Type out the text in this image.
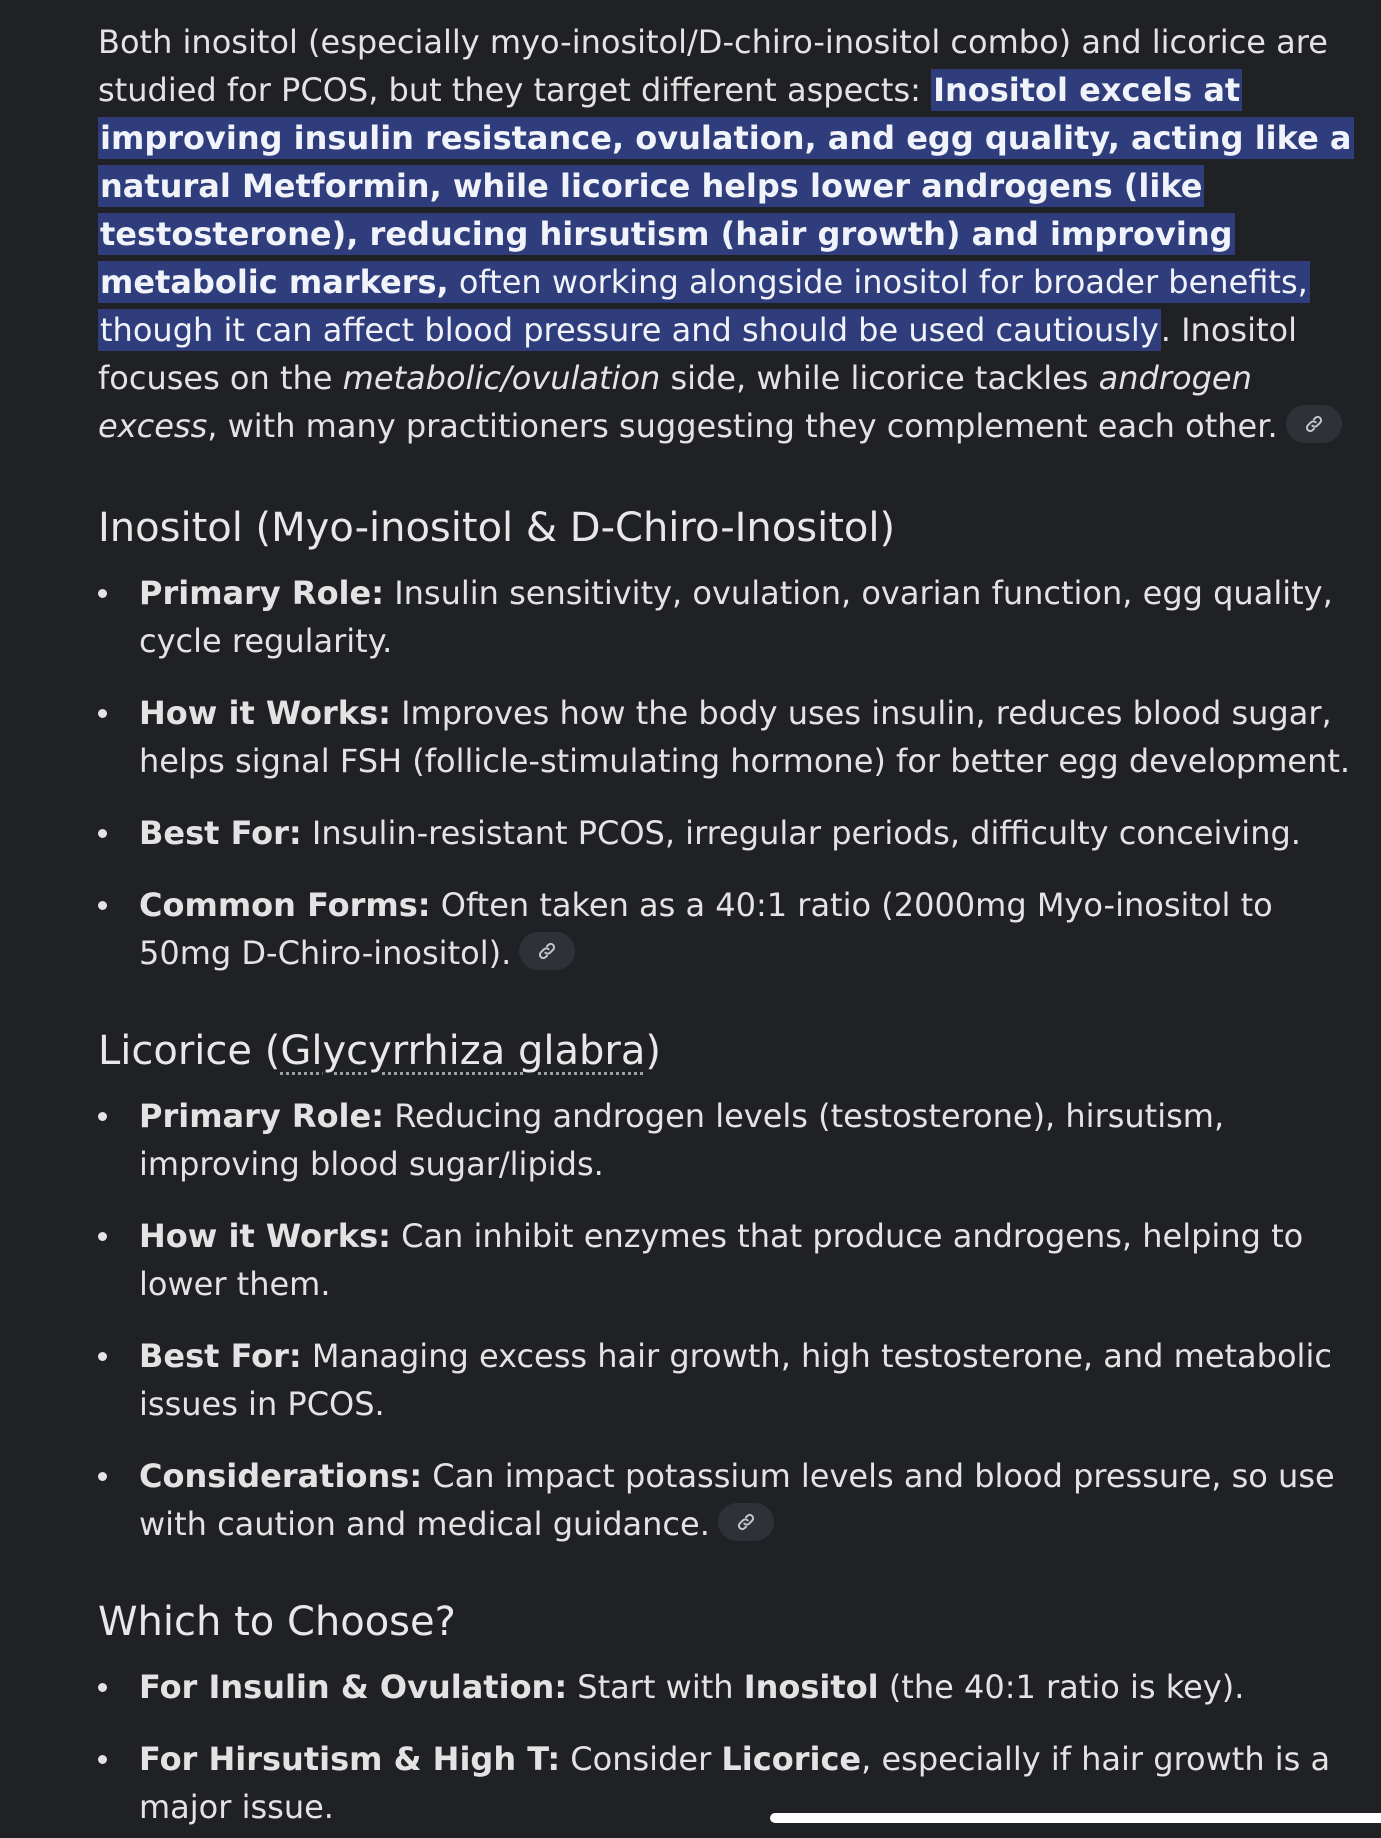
Both inositol (especially myo-inositol/D-chiro-inositol combo) and licorice are studied for PCOS, but they target different aspects: Inositol excels at improving insulin resistance, ovulation, and egg quality, acting like a natural Metformin, while licorice helps lower androgens (like testosterone), reducing hirsutism (hair growth) and improving metabolic markers, often working alongside inositol for broader benefits, though it can affect blood pressure and should be used cautiously. Inositol focuses on the metabolic/ovulation side, while licorice tackles androgen excess, with many practitioners suggesting they complement each other.

Inositol (Myo-inositol & D-Chiro-Inositol)
Primary Role: Insulin sensitivity, ovulation, ovarian function, egg quality, cycle regularity.
How it Works: Improves how the body uses insulin, reduces blood sugar, helps signal FSH (follicle-stimulating hormone) for better egg development.
Best For: Insulin-resistant PCOS, irregular periods, difficulty conceiving.
Common Forms: Often taken as a 40:1 ratio (2000mg Myo-inositol to 50mg D-Chiro-inositol).
Licorice (Glycyrrhiza glabra)
Primary Role: Reducing androgen levels (testosterone), hirsutism, improving blood sugar/lipids.
How it Works: Can inhibit enzymes that produce androgens, helping to lower them.
Best For: Managing excess hair growth, high testosterone, and metabolic issues in PCOS.
Considerations: Can impact potassium levels and blood pressure, so use with caution and medical guidance.
Which to Choose?
For Insulin & Ovulation: Start with Inositol (the 40:1 ratio is key).
For Hirsutism & High T: Consider Licorice, especially if hair growth is a major issue.
